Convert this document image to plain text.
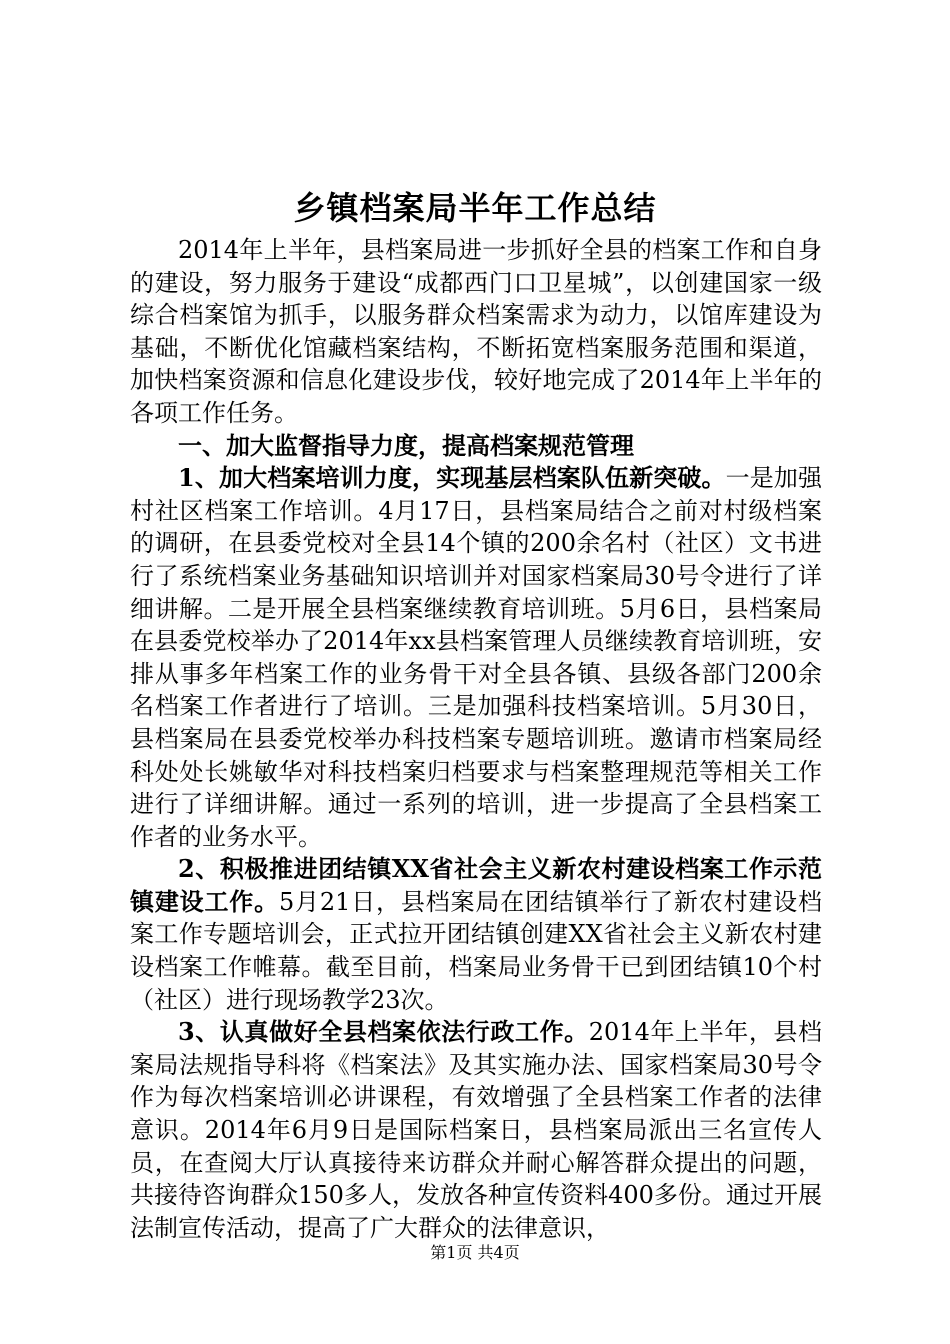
乡镇档案局半年工作总结

2014年上半年，县档案局进一步抓好全县的档案工作和自身的建设，努力服务于建设“成都西门口卫星城”，以创建国家一级综合档案馆为抓手，以服务群众档案需求为动力，以馆库建设为基础，不断优化馆藏档案结构，不断拓宽档案服务范围和渠道，加快档案资源和信息化建设步伐，较好地完成了2014年上半年的各项工作任务。

一、加大监督指导力度，提高档案规范管理

1、加大档案培训力度，实现基层档案队伍新突破。一是加强村社区档案工作培训。4月17日，县档案局结合之前对村级档案的调研，在县委党校对全县14个镇的200余名村（社区）文书进行了系统档案业务基础知识培训并对国家档案局30号令进行了详细讲解。二是开展全县档案继续教育培训班。5月6日，县档案局在县委党校举办了2014年xx县档案管理人员继续教育培训班，安排从事多年档案工作的业务骨干对全县各镇、县级各部门200余名档案工作者进行了培训。三是加强科技档案培训。5月30日，县档案局在县委党校举办科技档案专题培训班。邀请市档案局经科处处长姚敏华对科技档案归档要求与档案整理规范等相关工作进行了详细讲解。通过一系列的培训，进一步提高了全县档案工作者的业务水平。

2、积极推进团结镇XX省社会主义新农村建设档案工作示范镇建设工作。5月21日，县档案局在团结镇举行了新农村建设档案工作专题培训会，正式拉开团结镇创建XX省社会主义新农村建设档案工作帷幕。截至目前，档案局业务骨干已到团结镇10个村（社区）进行现场教学23次。

3、认真做好全县档案依法行政工作。2014年上半年，县档案局法规指导科将《档案法》及其实施办法、国家档案局30号令作为每次档案培训必讲课程，有效增强了全县档案工作者的法律意识。2014年6月9日是国际档案日，县档案局派出三名宣传人员，在查阅大厅认真接待来访群众并耐心解答群众提出的问题，共接待咨询群众150多人，发放各种宣传资料400多份。通过开展法制宣传活动，提高了广大群众的法律意识，

第1页 共4页
